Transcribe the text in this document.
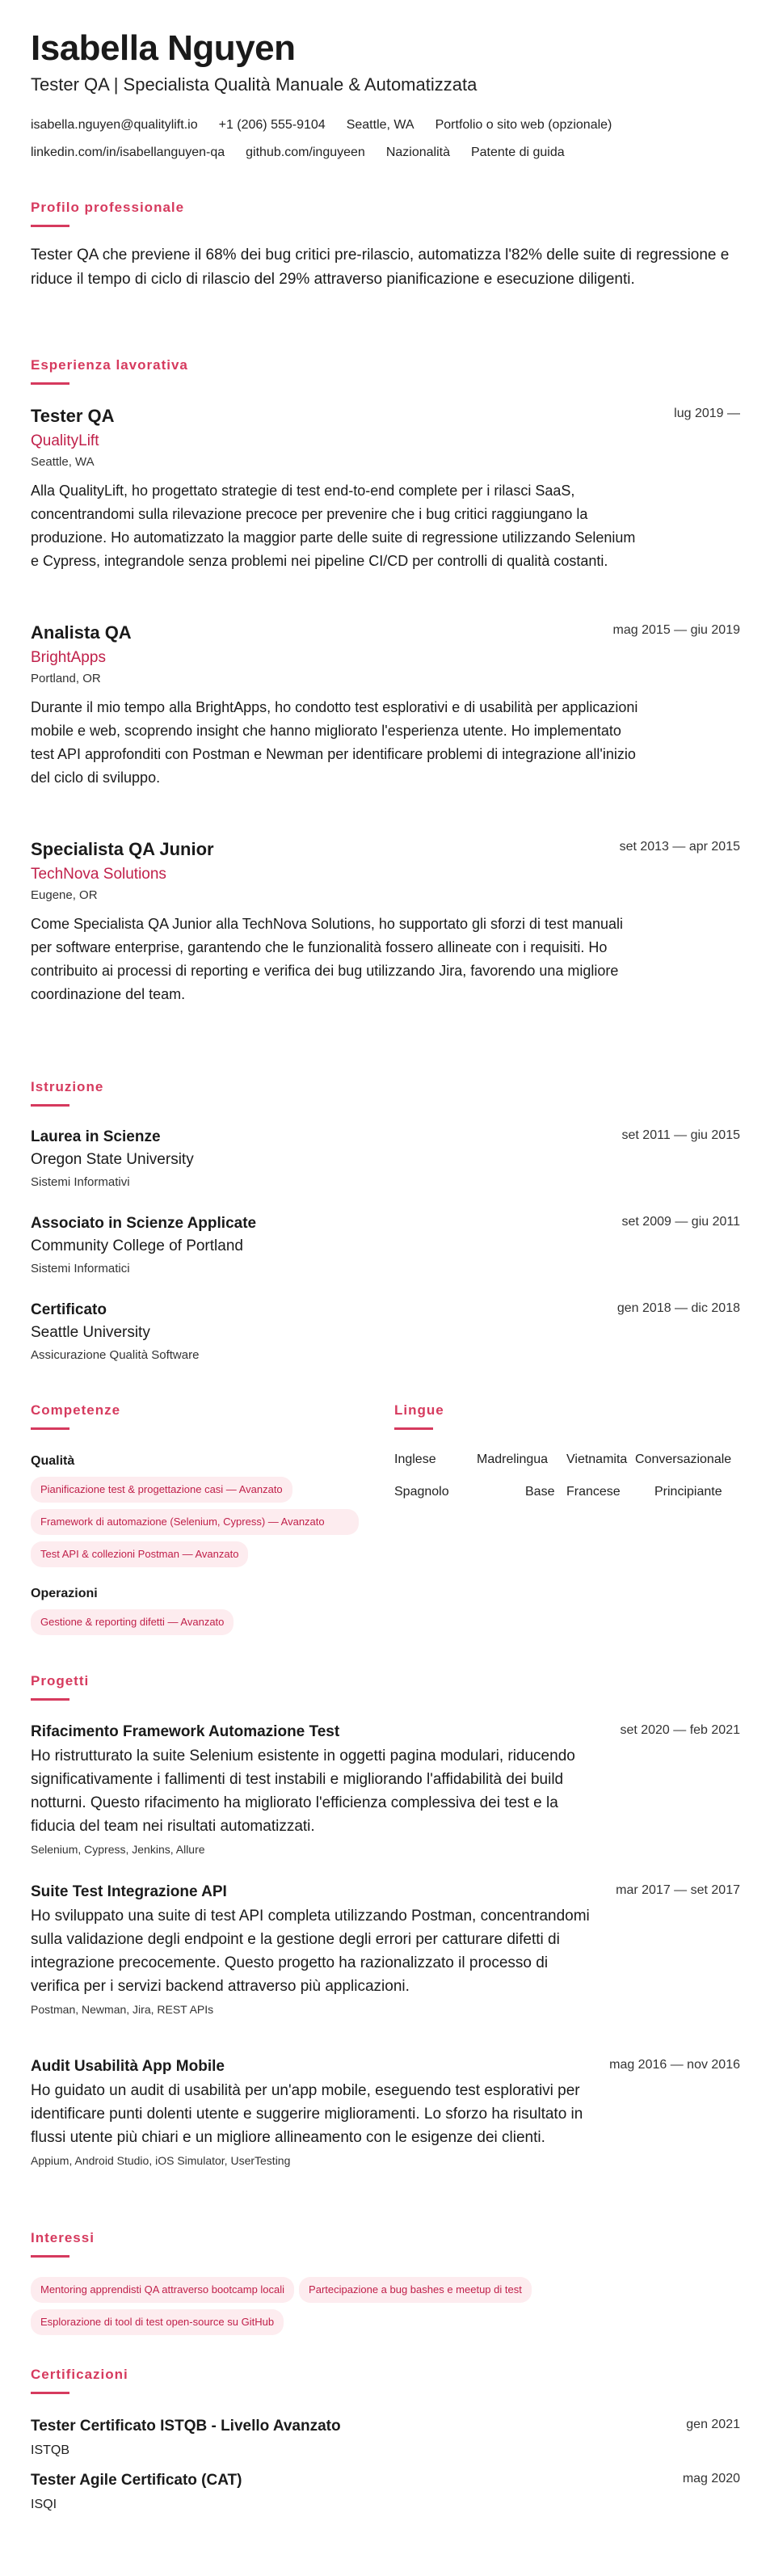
Isabella Nguyen
Tester QA | Specialista Qualità Manuale & Automatizzata
isabella.nguyen@qualitylift.io +1 (206) 555-9104 Seattle, WA Portfolio o sito web (opzionale)linkedin.com/in/isabellanguyen-qa github.com/inguyeen Nazionalità Patente di guida
Profilo professionale
Tester QA che previene il 68% dei bug critici pre-rilascio, automatizza l'82% delle suite di regressione e riduce il tempo di ciclo di rilascio del 29% attraverso pianificazione e esecuzione diligenti.
Esperienza lavorativa
Tester QA	lug 2019 —
QualityLift
Seattle, WA
Alla QualityLift, ho progettato strategie di test end-to-end complete per i rilasci SaaS, concentrandomi sulla rilevazione precoce per prevenire che i bug critici raggiungano la produzione. Ho automatizzato la maggior parte delle suite di regressione utilizzando Selenium e Cypress, integrandole senza problemi nei pipeline CI/CD per controlli di qualità costanti.
Analista QA	mag 2015 — giu 2019
BrightApps
Portland, OR
Durante il mio tempo alla BrightApps, ho condotto test esplorativi e di usabilità per applicazioni mobile e web, scoprendo insight che hanno migliorato l'esperienza utente. Ho implementato test API approfonditi con Postman e Newman per identificare problemi di integrazione all'inizio del ciclo di sviluppo.
Specialista QA Junior	set 2013 — apr 2015
TechNova Solutions
Eugene, OR
Come Specialista QA Junior alla TechNova Solutions, ho supportato gli sforzi di test manuali per software enterprise, garantendo che le funzionalità fossero allineate con i requisiti. Ho contribuito ai processi di reporting e verifica dei bug utilizzando Jira, favorendo una migliore coordinazione del team.
Istruzione
Laurea in Scienze	set 2011 — giu 2015
Oregon State University
Sistemi Informativi
Associato in Scienze Applicate	set 2009 — giu 2011
Community College of Portland
Sistemi Informatici
Certificato	gen 2018 — dic 2018
Seattle University
Assicurazione Qualità Software
Competenze
Qualità
Pianificazione test & progettazione casi — AvanzatoFramework di automazione (Selenium, Cypress) — AvanzatoTest API & collezioni Postman — Avanzato
Operazioni
Gestione & reporting difetti — Avanzato
Lingue
Inglese	Madrelingua Vietnamita Conversazionale
Spagnolo	Base Francese	Principiante
Progetti
Rifacimento Framework Automazione Test	set 2020 — feb 2021
Ho ristrutturato la suite Selenium esistente in oggetti pagina modulari, riducendo significativamente i fallimenti di test instabili e migliorando l'affidabilità dei build notturni. Questo rifacimento ha migliorato l'efficienza complessiva dei test e la fiducia del team nei risultati automatizzati.
Selenium, Cypress, Jenkins, Allure
Suite Test Integrazione API	mar 2017 — set 2017
Ho sviluppato una suite di test API completa utilizzando Postman, concentrandomi sulla validazione degli endpoint e la gestione degli errori per catturare difetti di integrazione precocemente. Questo progetto ha razionalizzato il processo di verifica per i servizi backend attraverso più applicazioni.
Postman, Newman, Jira, REST APIs
Audit Usabilità App Mobile	mag 2016 — nov 2016
Ho guidato un audit di usabilità per un'app mobile, eseguendo test esplorativi per identificare punti dolenti utente e suggerire miglioramenti. Lo sforzo ha risultato in flussi utente più chiari e un migliore allineamento con le esigenze dei clienti.
Appium, Android Studio, iOS Simulator, UserTesting
Interessi
Mentoring apprendisti QA attraverso bootcamp locali Partecipazione a bug bashes e meetup di testEsplorazione di tool di test open-source su GitHub
Certificazioni
Tester Certificato ISTQB - Livello Avanzato	gen 2021
ISTQB
Tester Agile Certificato (CAT)	mag 2020
ISQI
